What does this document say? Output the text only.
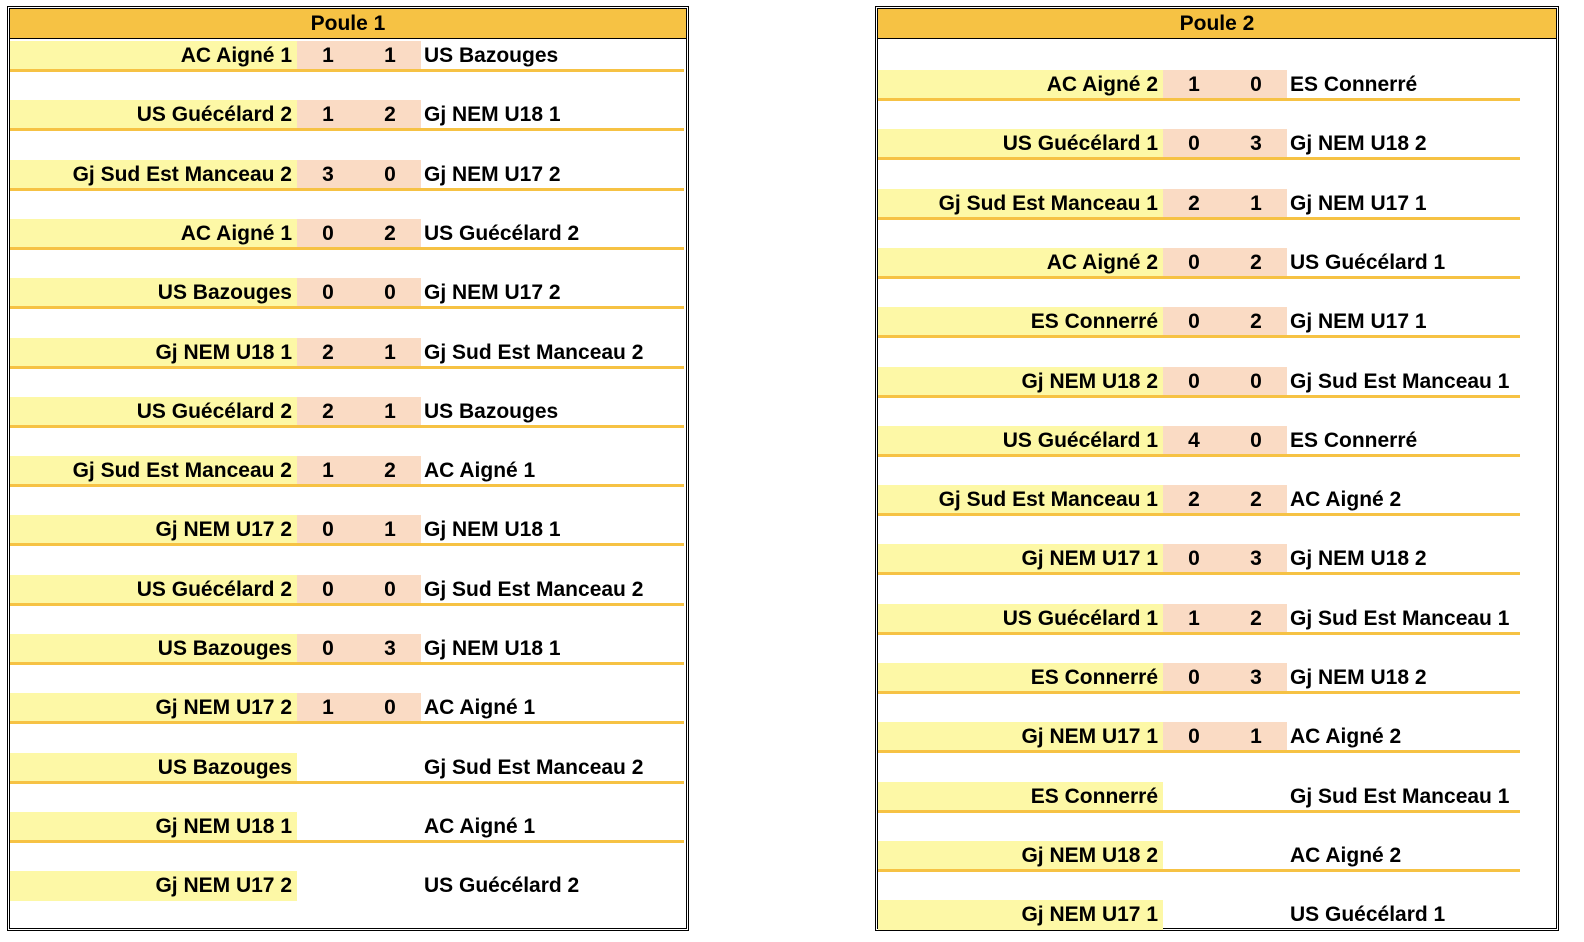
Poule 1
AC Aigné 1	1	1	US Bazouges
US Guécélard 2	1	2	Gj NEM U18 1
Gj Sud Est Manceau 2	3	0	Gj NEM U17 2
AC Aigné 1	0	2	US Guécélard 2
US Bazouges	0	0	Gj NEM U17 2
Gj NEM U18 1	2	1	Gj Sud Est Manceau 2
US Guécélard 2	2	1	US Bazouges
Gj Sud Est Manceau 2	1	2	AC Aigné 1
Gj NEM U17 2	0	1	Gj NEM U18 1
US Guécélard 2	0	0	Gj Sud Est Manceau 2
US Bazouges	0	3	Gj NEM U18 1
Gj NEM U17 2	1	0	AC Aigné 1
US Bazouges	Gj Sud Est Manceau 2
Gj NEM U18 1	AC Aigné 1
Gj NEM U17 2	US Guécélard 2
Poule 2
AC Aigné 2	1	0	ES Connerré
US Guécélard 1	0	3	Gj NEM U18 2
Gj Sud Est Manceau 1	2	1	Gj NEM U17 1
AC Aigné 2	0	2	US Guécélard 1
ES Connerré	0	2	Gj NEM U17 1
Gj NEM U18 2	0	0	Gj Sud Est Manceau 1
US Guécélard 1	4	0	ES Connerré
Gj Sud Est Manceau 1	2	2	AC Aigné 2
Gj NEM U17 1	0	3	Gj NEM U18 2
US Guécélard 1	1	2	Gj Sud Est Manceau 1
ES Connerré	0	3	Gj NEM U18 2
Gj NEM U17 1	0	1	AC Aigné 2
ES Connerré	Gj Sud Est Manceau 1
Gj NEM U18 2	AC Aigné 2
Gj NEM U17 1	US Guécélard 1
